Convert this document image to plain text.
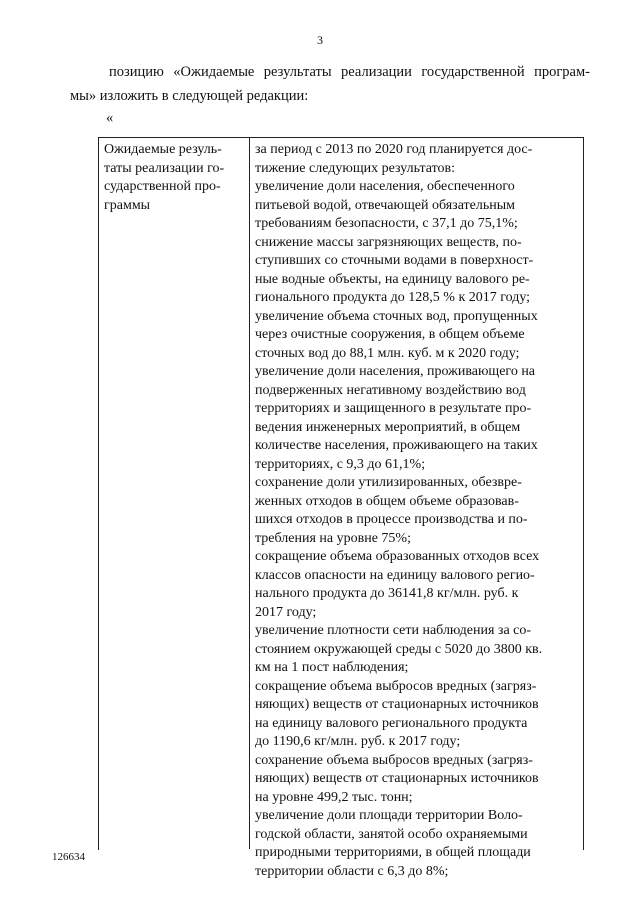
3
позицию «Ожидаемые результаты реализации государственной програм-
мы» изложить в следующей редакции:
«
Ожидаемые резуль-
таты реализации го-
сударственной про-
граммы
за период с 2013 по 2020 год планируется дос-
тижение следующих результатов:
увеличение доли населения, обеспеченного
питьевой водой, отвечающей обязательным
требованиям безопасности, с 37,1 до 75,1%;
снижение массы загрязняющих веществ, по-
ступивших со сточными водами в поверхност-
ные водные объекты, на единицу валового ре-
гионального продукта до 128,5 % к 2017 году;
увеличение объема сточных вод, пропущенных
через очистные сооружения, в общем объеме
сточных вод до 88,1 млн. куб. м к 2020 году;
увеличение доли населения, проживающего на
подверженных негативному воздействию вод
территориях и защищенного в результате про-
ведения инженерных мероприятий, в общем
количестве населения, проживающего на таких
территориях, с 9,3 до 61,1%;
сохранение доли утилизированных, обезвре-
женных отходов в общем объеме образовав-
шихся отходов в процессе производства и по-
требления на уровне 75%;
сокращение объема образованных отходов всех
классов опасности на единицу валового регио-
нального продукта до 36141,8 кг/млн. руб. к
2017 году;
увеличение плотности сети наблюдения за со-
стоянием окружающей среды с 5020 до 3800 кв.
км на 1 пост наблюдения;
сокращение объема выбросов вредных (загряз-
няющих) веществ от стационарных источников
на единицу валового регионального продукта
до 1190,6 кг/млн. руб. к 2017 году;
сохранение объема выбросов вредных (загряз-
няющих) веществ от стационарных источников
на уровне 499,2 тыс. тонн;
увеличение доли площади территории Воло-
годской области, занятой особо охраняемыми
природными территориями, в общей площади
территории области с 6,3 до 8%;
126634
